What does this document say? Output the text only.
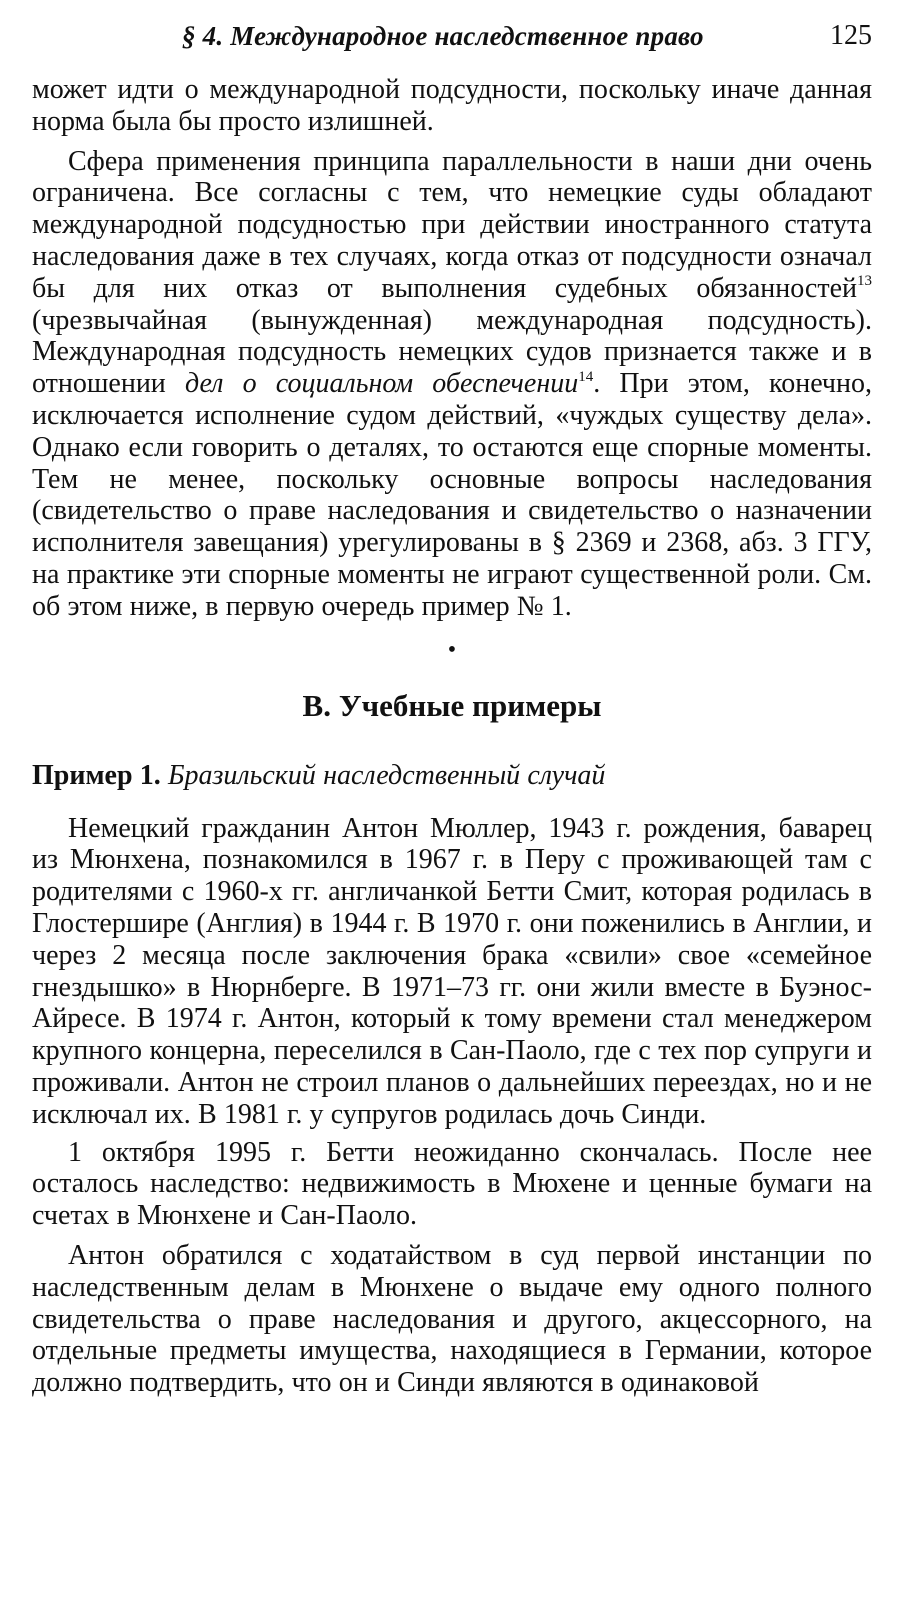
§ 4. Международное наследственное право	125

может идти о международной подсудности, поскольку иначе данная норма была бы просто излишней.

Сфера применения принципа параллельности в наши дни очень ограничена. Все согласны с тем, что немецкие суды обладают международной подсудностью при действии иностранного статута наследования даже в тех случаях, когда отказ от подсудности означал бы для них отказ от выполнения судебных обязанностей$^{13}$ (чрезвычайная (вынужденная) международная подсудность). Международная подсудность немецких судов признается также и в отношении дел о социальном обеспечении$^{14}$. При этом, конечно, исключается исполнение судом действий, «чуждых существу дела». Однако если говорить о деталях, то остаются еще спорные моменты. Тем не менее, поскольку основные вопросы наследования (свидетельство о праве наследования и свидетельство о назначении исполнителя завещания) урегулированы в § 2369 и 2368, абз. 3 ГГУ, на практике эти спорные моменты не играют существенной роли. См. об этом ниже, в первую очередь пример № 1.

•
B. Учебные примеры
Пример 1. Бразильский наследственный случай

Немецкий гражданин Антон Мюллер, 1943 г. рождения, баварец из Мюнхена, познакомился в 1967 г. в Перу с проживающей там с родителями с 1960-х гг. англичанкой Бетти Смит, которая родилась в Глостершире (Англия) в 1944 г. В 1970 г. они поженились в Англии, и через 2 месяца после заключения брака «свили» свое «семейное гнездышко» в Нюрнберге. В 1971–73 гг. они жили вместе в Буэнос-Айресе. В 1974 г. Антон, который к тому времени стал менеджером крупного концерна, переселился в Сан-Паоло, где с тех пор супруги и проживали. Антон не строил планов о дальнейших переездах, но и не исключал их. В 1981 г. у супругов родилась дочь Синди.

1 октября 1995 г. Бетти неожиданно скончалась. После нее осталось наследство: недвижимость в Мюхене и ценные бумаги на счетах в Мюнхене и Сан-Паоло.

Антон обратился с ходатайством в суд первой инстанции по наследственным делам в Мюнхене о выдаче ему одного полного свидетельства о праве наследования и другого, акцессорного, на отдельные предметы имущества, находящиеся в Германии, которое должно подтвердить, что он и Синди являются в одинаковой
